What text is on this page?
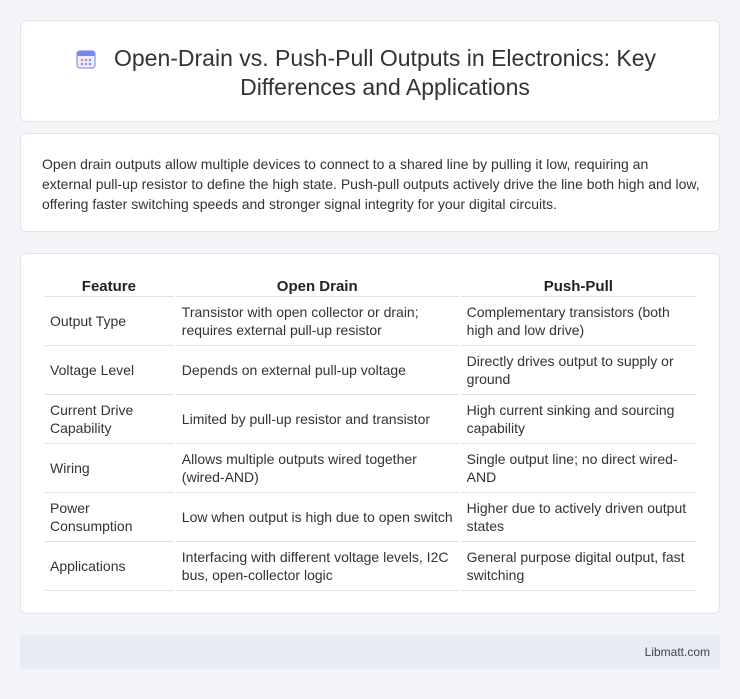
Open-Drain vs. Push-Pull Outputs in Electronics: Key Differences and Applications

Open drain outputs allow multiple devices to connect to a shared line by pulling it low, requiring an external pull-up resistor to define the high state. Push-pull outputs actively drive the line both high and low, offering faster switching speeds and stronger signal integrity for your digital circuits.

Feature	Open Drain	Push-Pull
Output Type	Transistor with open collector or drain; requires external pull-up resistor	Complementary transistors (both high and low drive)
Voltage Level	Depends on external pull-up voltage	Directly drives output to supply or ground
Current Drive Capability	Limited by pull-up resistor and transistor	High current sinking and sourcing capability
Wiring	Allows multiple outputs wired together (wired-AND)	Single output line; no direct wired-AND
Power Consumption	Low when output is high due to open switch	Higher due to actively driven output states
Applications	Interfacing with different voltage levels, I2C bus, open-collector logic	General purpose digital output, fast switching
Libmatt.com
